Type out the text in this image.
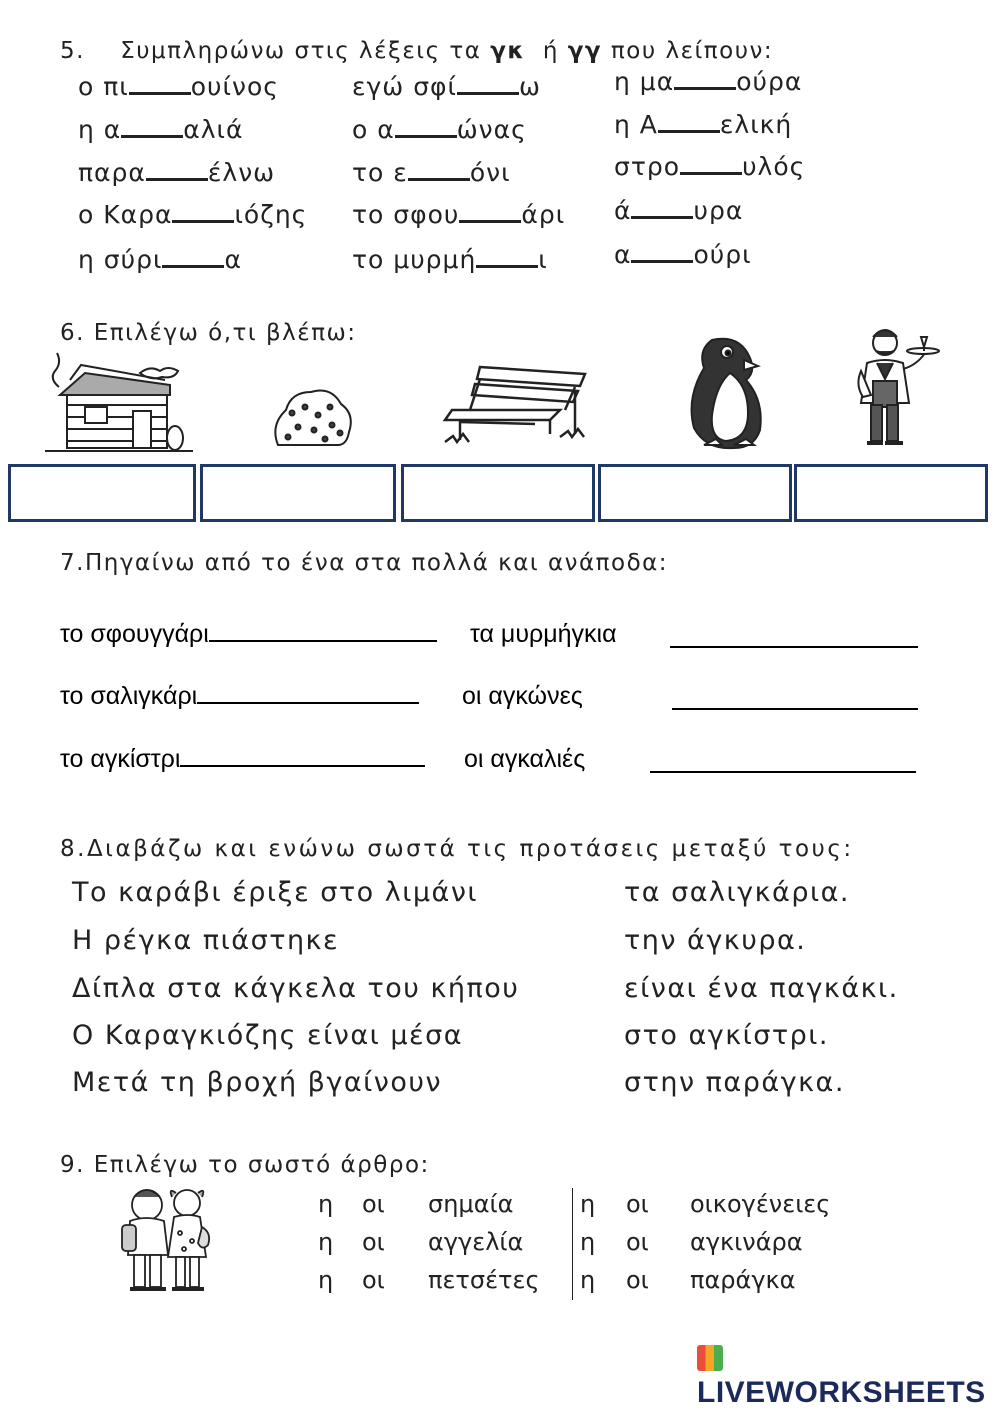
5. Συμπληρώνω στις λέξεις τα γκ ή γγ που λείπουν:
ο πι ουίνος
η α αλιά
παρα έλνω
ο Καρα ιόζης
η σύρι α
εγώ σφί ω
ο α ώνας
το ε όνι
το σφου άρι
το μυρμή ι
η μα ούρα
η Α ελική
στρο υλός
ά υρα
α ούρι
6. Επιλέγω ό,τι βλέπω:
7.Πηγαίνω από το ένα στα πολλά και ανάποδα:
το σφουγγάρι	τα μυρμήγκια
το σαλιγκάρι	οι αγκώνες
το αγκίστρι	οι αγκαλιές
8.Διαβάζω και ενώνω σωστά τις προτάσεις μεταξύ τους:
Το καράβι έριξε στο λιμάνι	τα σαλιγκάρια.
Η ρέγκα πιάστηκε	την άγκυρα.
Δίπλα στα κάγκελα του κήπου	είναι ένα παγκάκι.
Ο Καραγκιόζης είναι μέσα	στο αγκίστρι.
Μετά τη βροχή βγαίνουν	στην παράγκα.
9. Επιλέγω το σωστό άρθρο:
η οι σημαία	η οι οικογένειες
η οι αγγελία η οι αγκινάρα
η οι πετσέτες η οι παράγκα
LIVEWORKSHEETS
